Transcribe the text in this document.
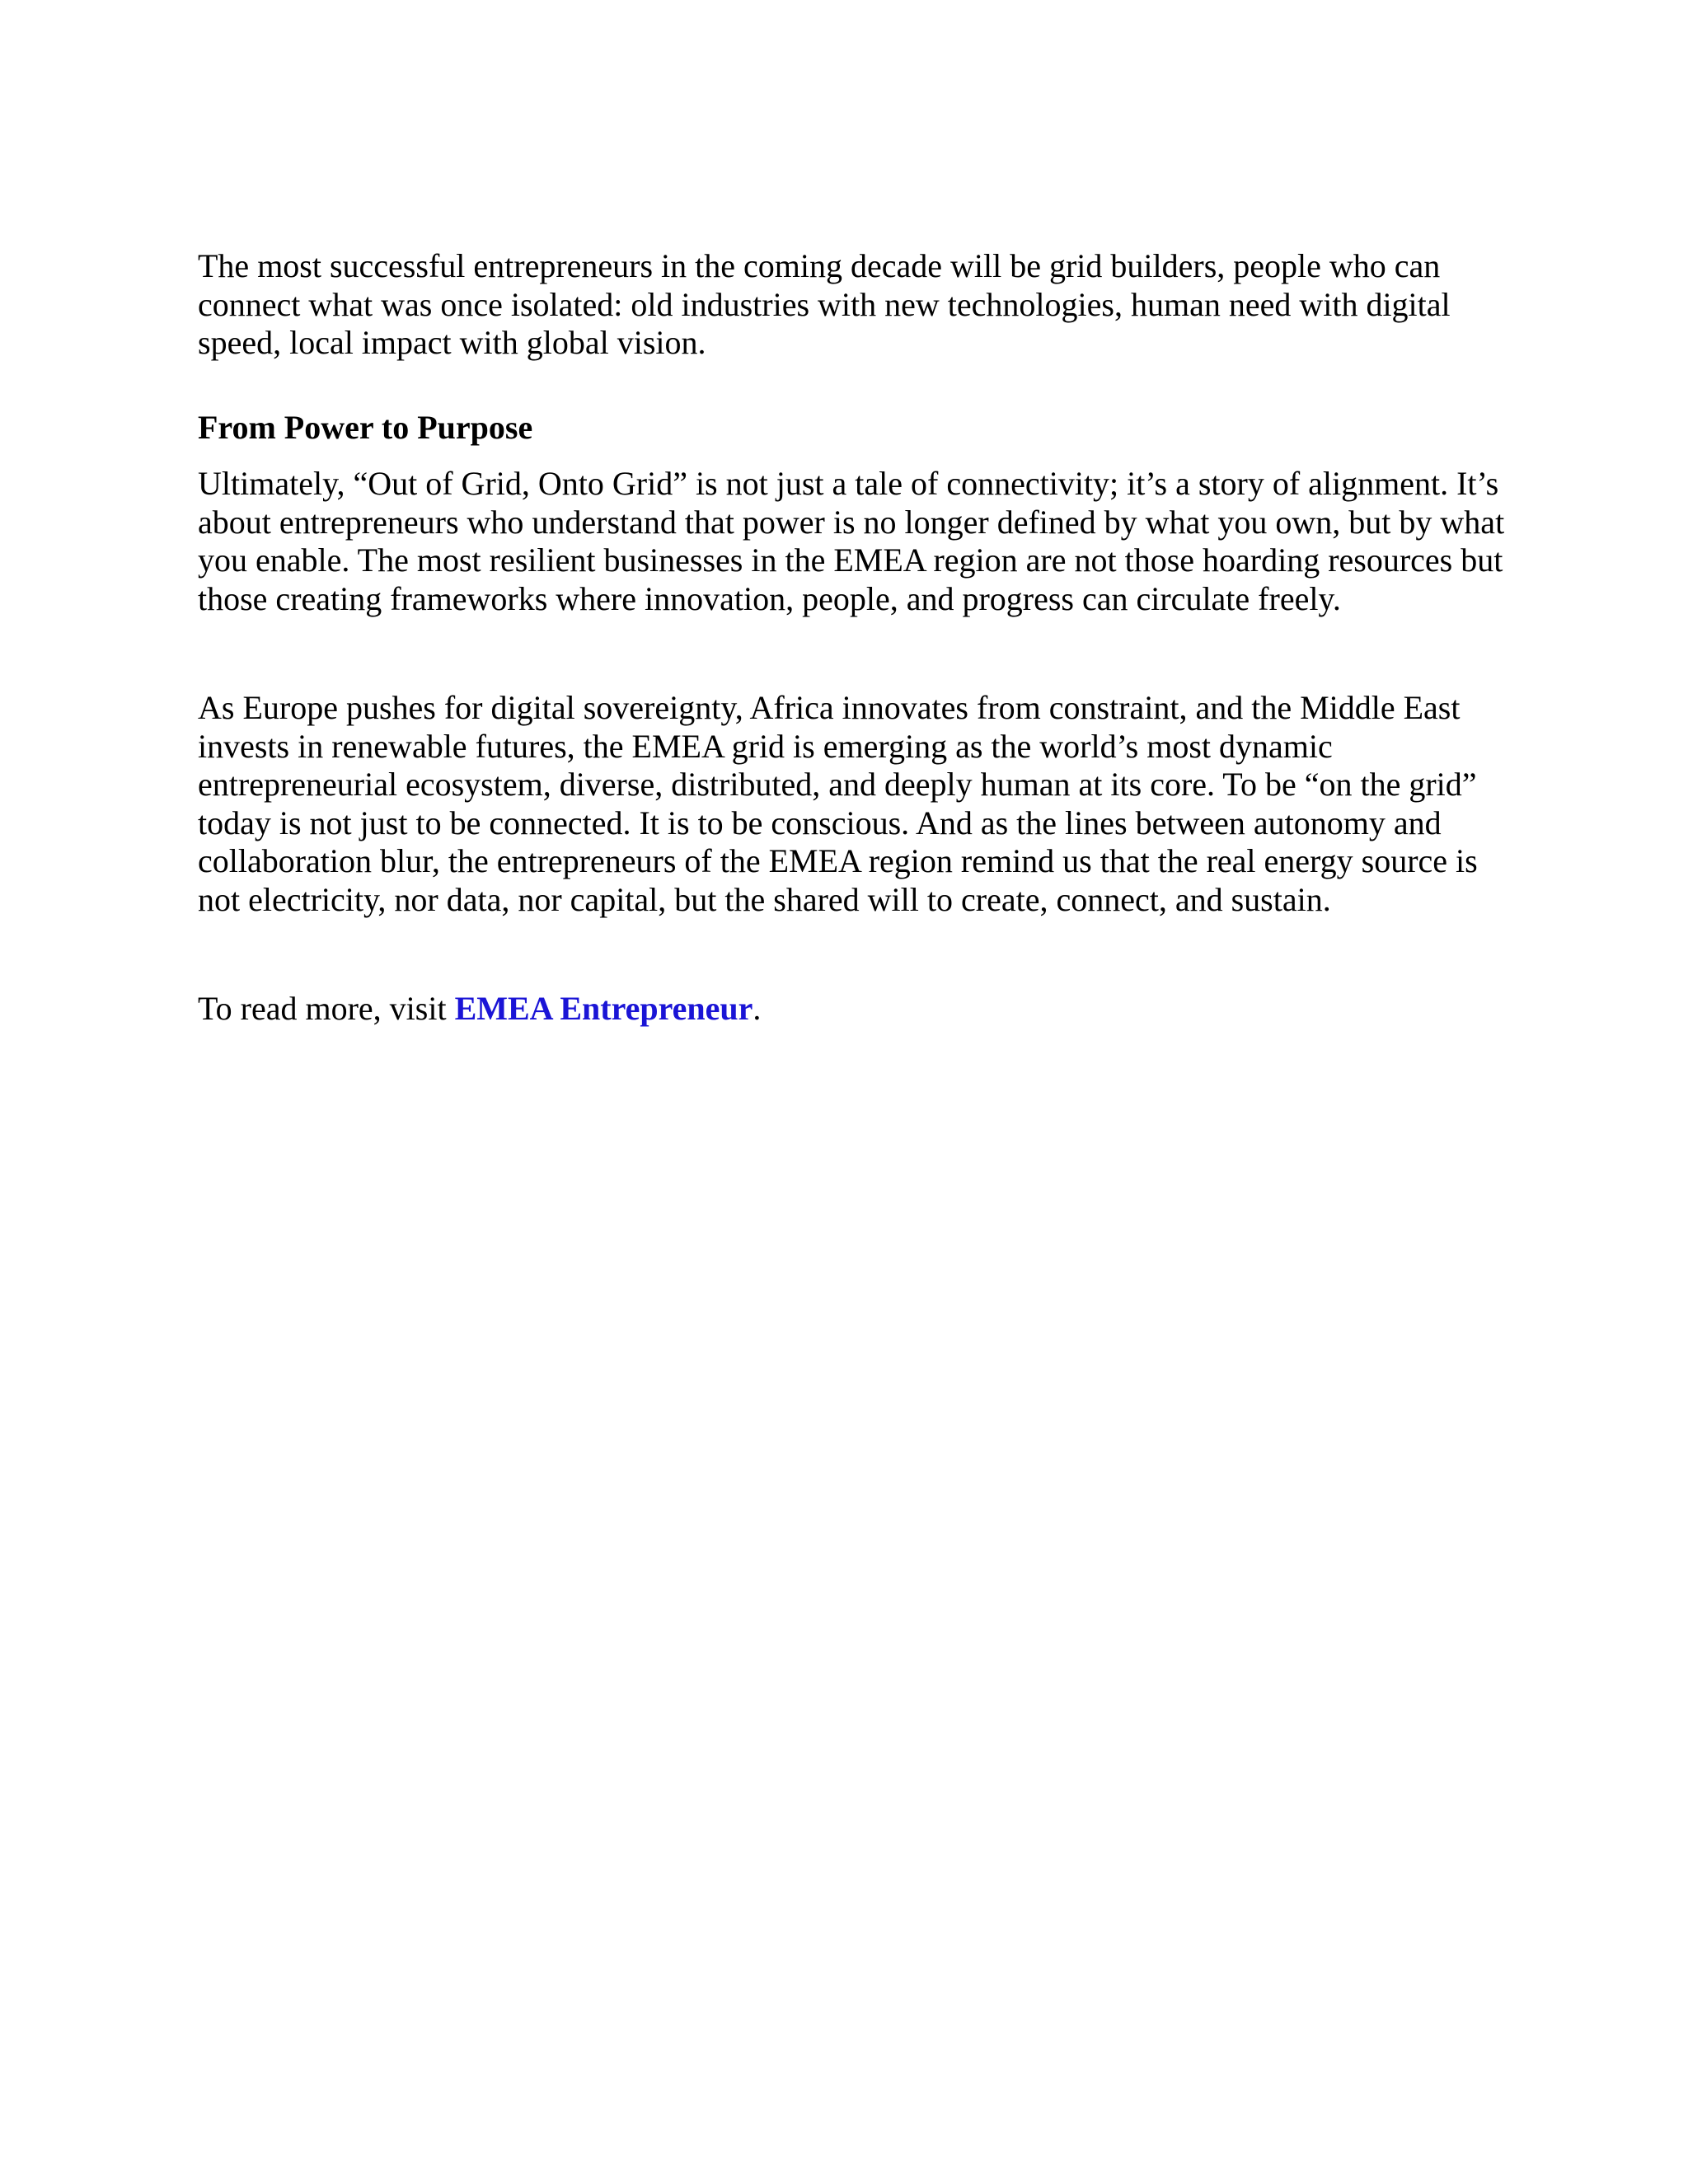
The most successful entrepreneurs in the coming decade will be grid builders, people who can connect what was once isolated: old industries with new technologies, human need with digital speed, local impact with global vision.

From Power to Purpose

Ultimately, “Out of Grid, Onto Grid” is not just a tale of connectivity; it’s a story of alignment. It’s about entrepreneurs who understand that power is no longer defined by what you own, but by what you enable. The most resilient businesses in the EMEA region are not those hoarding resources but those creating frameworks where innovation, people, and progress can circulate freely.

As Europe pushes for digital sovereignty, Africa innovates from constraint, and the Middle East invests in renewable futures, the EMEA grid is emerging as the world’s most dynamic entrepreneurial ecosystem, diverse, distributed, and deeply human at its core. To be “on the grid” today is not just to be connected. It is to be conscious. And as the lines between autonomy and collaboration blur, the entrepreneurs of the EMEA region remind us that the real energy source is not electricity, nor data, nor capital, but the shared will to create, connect, and sustain.

To read more, visit EMEA Entrepreneur.
